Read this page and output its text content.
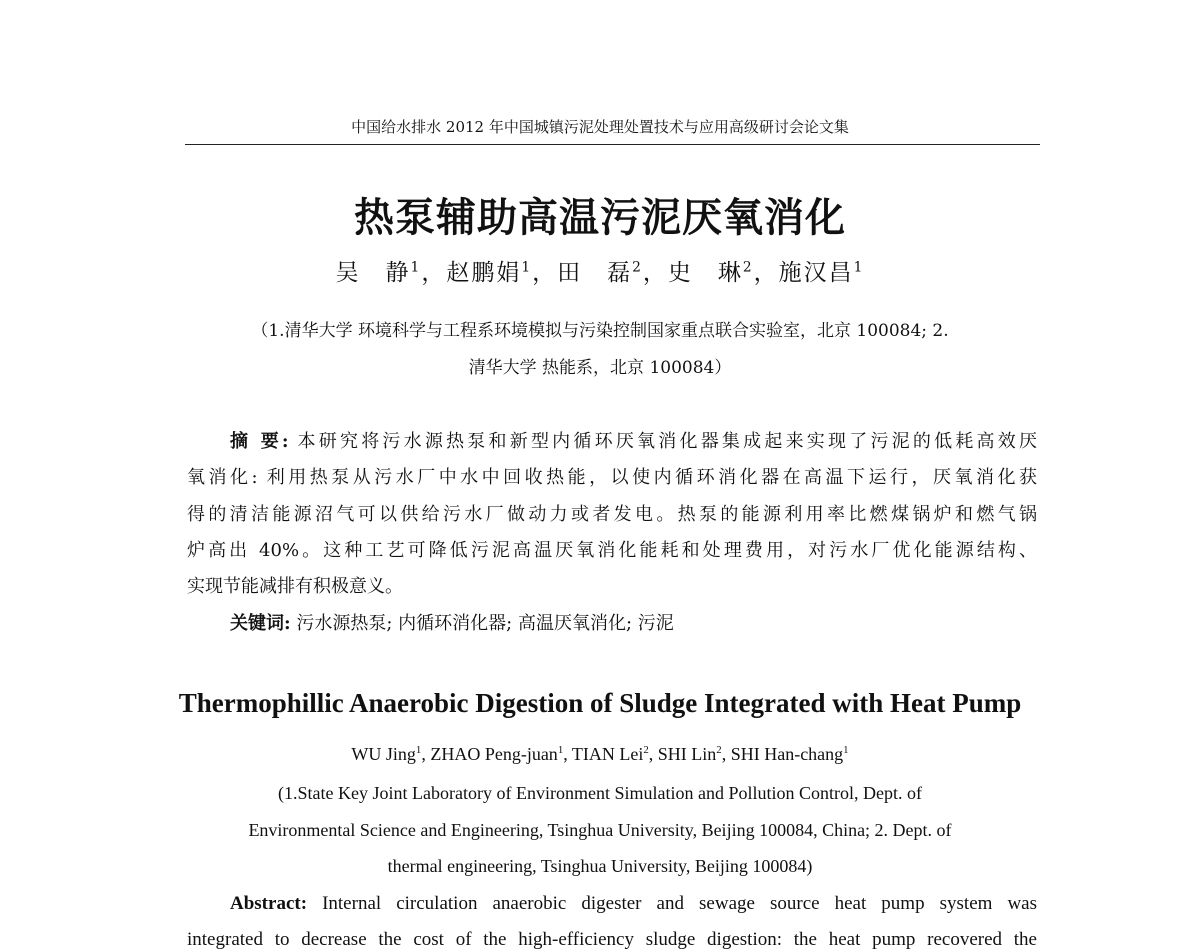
中国给水排水 2012 年中国城镇污泥处理处置技术与应用高级研讨会论文集
热泵辅助高温污泥厌氧消化
吴　静$^1$，赵鹏娟$^1$，田　磊$^2$，史　琳$^2$，施汉昌$^1$
（1.清华大学 环境科学与工程系环境模拟与污染控制国家重点联合实验室，北京 100084; 2.
清华大学 热能系，北京 100084）
摘 要: 本研究将污水源热泵和新型内循环厌氧消化器集成起来实现了污泥的低耗高效厌
氧消化: 利用热泵从污水厂中水中回收热能，以使内循环消化器在高温下运行，厌氧消化获
得的清洁能源沼气可以供给污水厂做动力或者发电。热泵的能源利用率比燃煤锅炉和燃气锅
炉高出 40%。这种工艺可降低污泥高温厌氧消化能耗和处理费用，对污水厂优化能源结构、
实现节能减排有积极意义。
关键词: 污水源热泵; 内循环消化器; 高温厌氧消化; 污泥
Thermophillic Anaerobic Digestion of Sludge Integrated with Heat Pump
WU Jing$^1$, ZHAO Peng-juan$^1$, TIAN Lei$^2$, SHI Lin$^2$, SHI Han-chang$^1$
(1.State Key Joint Laboratory of Environment Simulation and Pollution Control, Dept. of
Environmental Science and Engineering, Tsinghua University, Beijing 100084, China; 2. Dept. of
thermal engineering, Tsinghua University, Beijing 100084)
Abstract: Internal circulation anaerobic digester and sewage source heat pump system was
integrated to decrease the cost of the high-efficiency sludge digestion: the heat pump recovered the
